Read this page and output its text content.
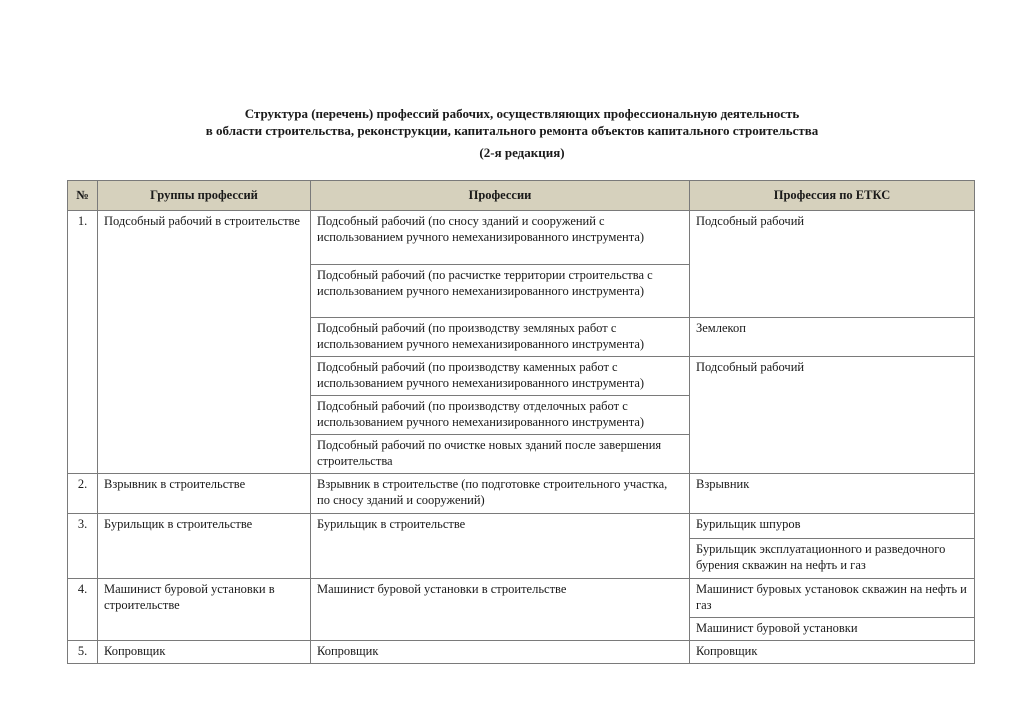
Структура (перечень) профессий рабочих, осуществляющих профессиональную деятельность
в области строительства, реконструкции, капитального ремонта объектов капитального строительства
(2-я редакция)
№	Группы профессий	Профессии	Профессия по ЕТКС
1.	Подсобный рабочий в строительстве	Подсобный рабочий (по сносу зданий и сооружений с использованием ручного немеханизированного инструмента)	Подсобный рабочий
		Подсобный рабочий (по расчистке территории строительства с использованием ручного немеханизированного инструмента)	
		Подсобный рабочий (по производству земляных работ с использованием ручного немеханизированного инструмента)	Землекоп
		Подсобный рабочий (по производству каменных работ с использованием ручного немеханизированного инструмента)	Подсобный рабочий
		Подсобный рабочий (по производству отделочных работ с использованием ручного немеханизированного инструмента)	
		Подсобный рабочий по очистке новых зданий после завершения строительства	
2.	Взрывник в строительстве	Взрывник в строительстве (по подготовке строительного участка, по сносу зданий и сооружений)	Взрывник
3.	Бурильщик в строительстве	Бурильщик в строительстве	Бурильщик шпуров
			Бурильщик эксплуатационного и разведочного бурения скважин на нефть и газ
4.	Машинист буровой установки в строительстве	Машинист буровой установки в строительстве	Машинист буровых установок скважин на нефть и газ
			Машинист буровой установки
5.	Копровщик	Копровщик	Копровщик
